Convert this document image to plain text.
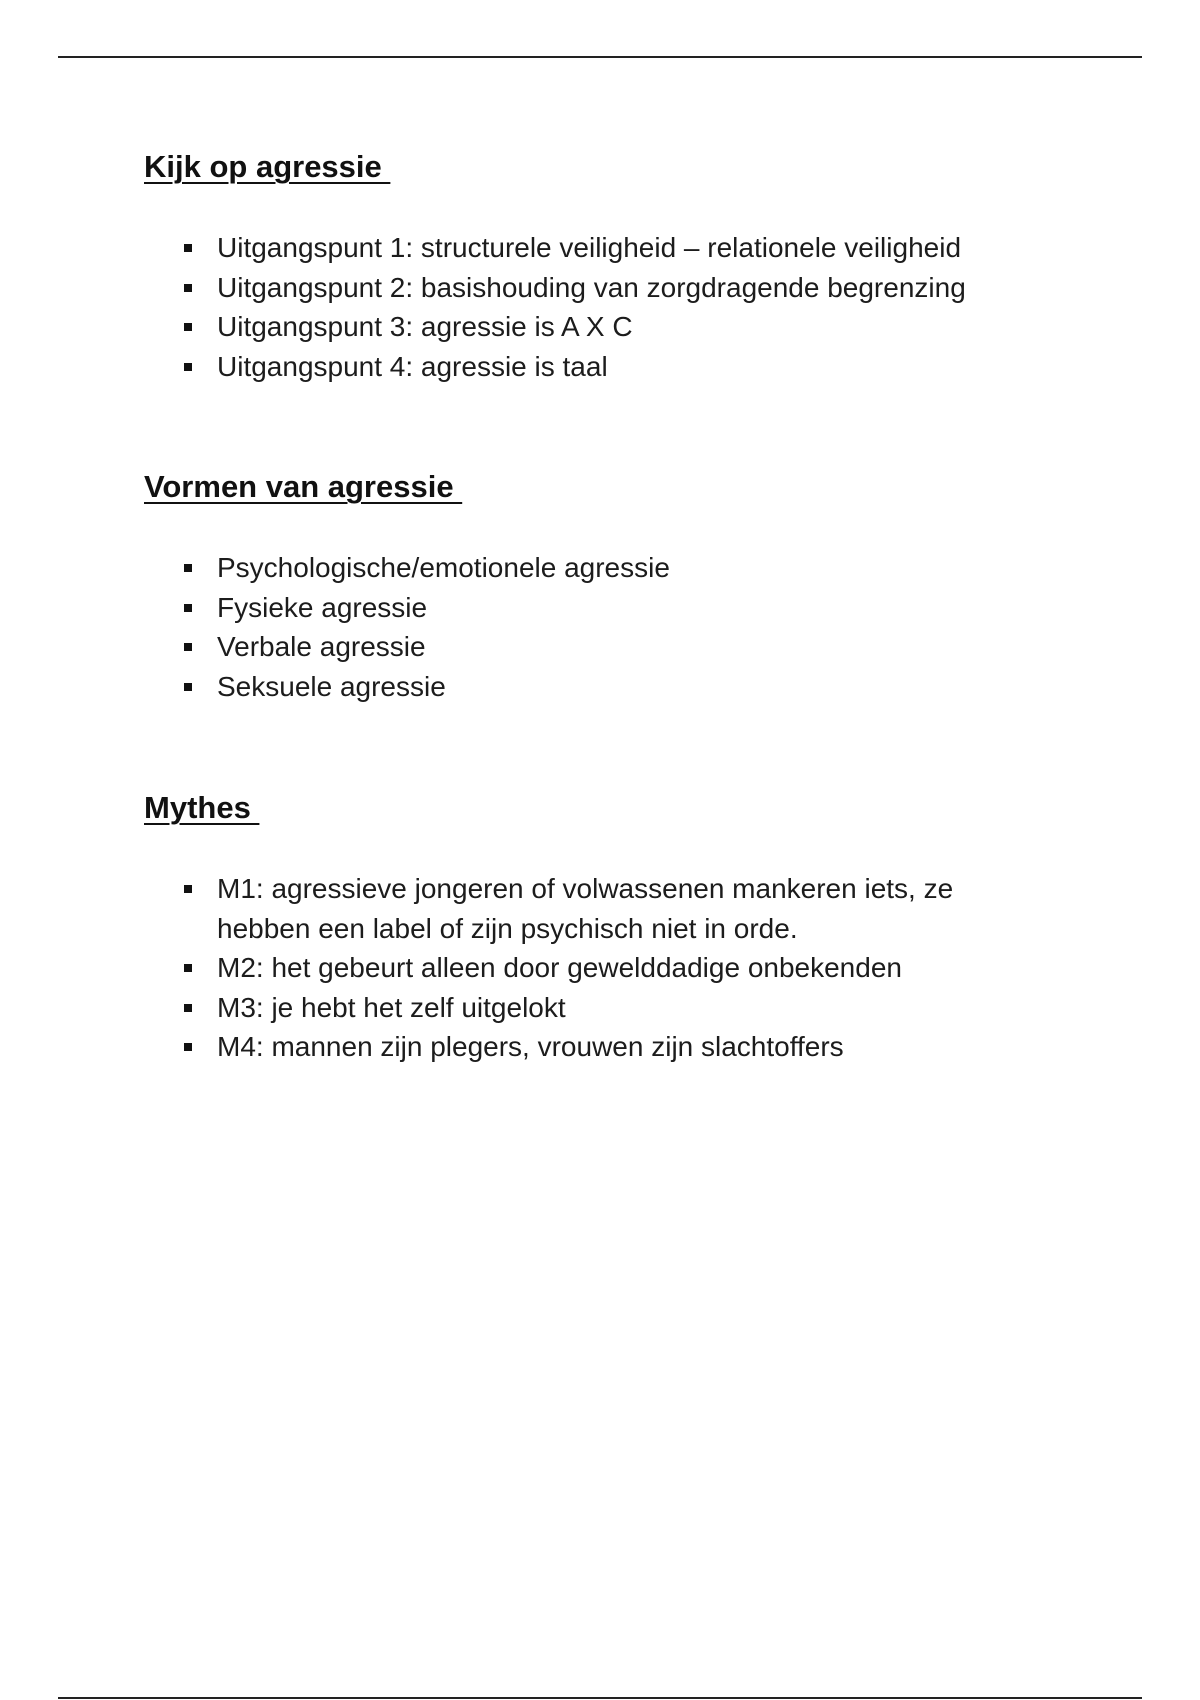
Kijk op agressie
Uitgangspunt 1: structurele veiligheid – relationele veiligheid
Uitgangspunt 2: basishouding van zorgdragende begrenzing
Uitgangspunt 3: agressie is A X C
Uitgangspunt 4: agressie is taal
Vormen van agressie
Psychologische/emotionele agressie
Fysieke agressie
Verbale agressie
Seksuele agressie
Mythes
M1: agressieve jongeren of volwassenen mankeren iets, ze hebben een label of zijn psychisch niet in orde.
M2: het gebeurt alleen door gewelddadige onbekenden
M3: je hebt het zelf uitgelokt
M4: mannen zijn plegers, vrouwen zijn slachtoffers
